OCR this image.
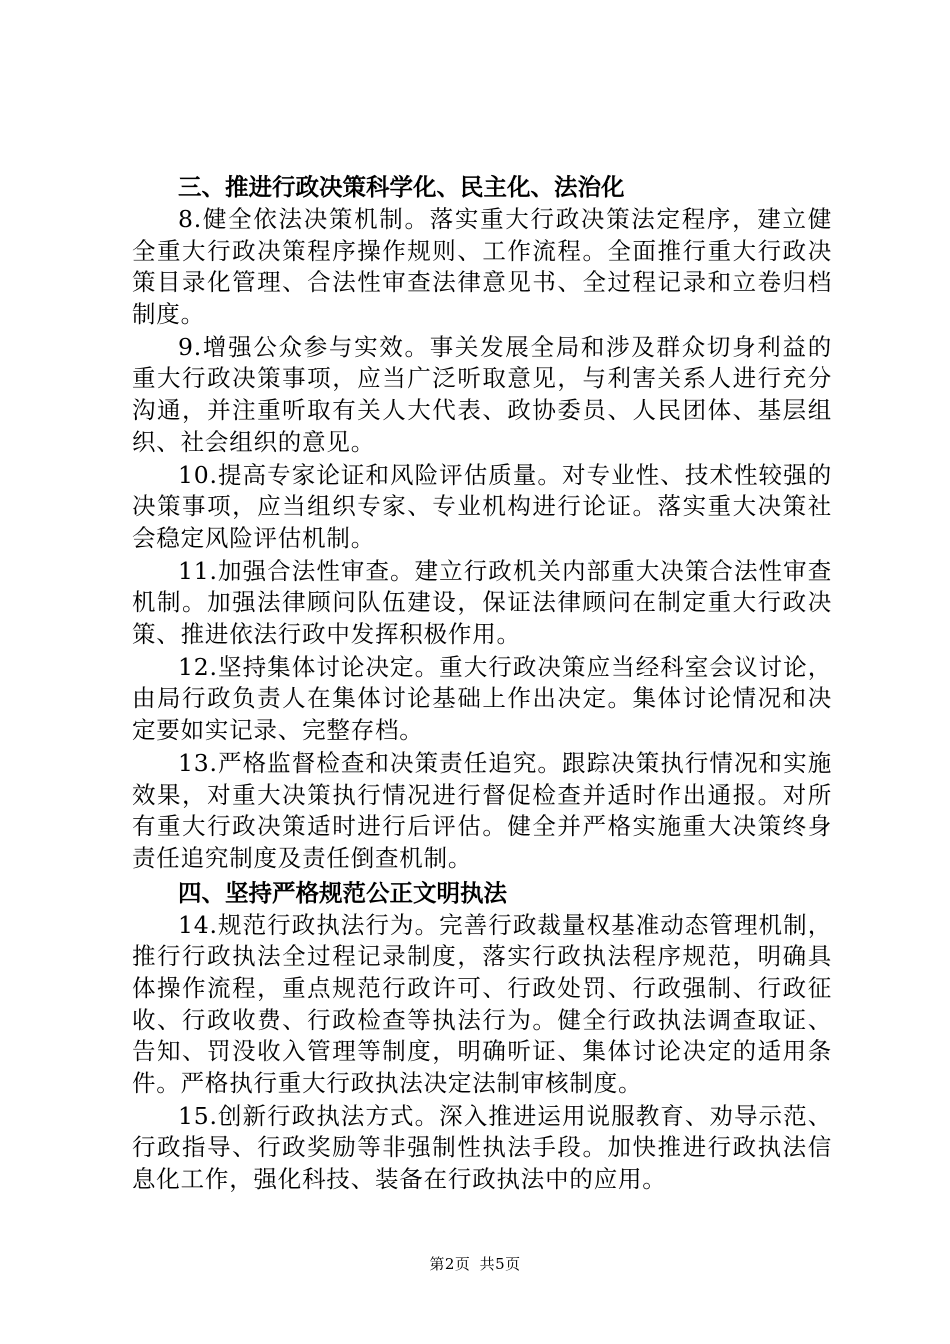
三、推进行政决策科学化、民主化、法治化

8.健全依法决策机制。落实重大行政决策法定程序，建立健全重大行政决策程序操作规则、工作流程。全面推行重大行政决策目录化管理、合法性审查法律意见书、全过程记录和立卷归档制度。

9.增强公众参与实效。事关发展全局和涉及群众切身利益的重大行政决策事项，应当广泛听取意见，与利害关系人进行充分沟通，并注重听取有关人大代表、政协委员、人民团体、基层组织、社会组织的意见。

10.提高专家论证和风险评估质量。对专业性、技术性较强的决策事项，应当组织专家、专业机构进行论证。落实重大决策社会稳定风险评估机制。

11.加强合法性审查。建立行政机关内部重大决策合法性审查机制。加强法律顾问队伍建设，保证法律顾问在制定重大行政决策、推进依法行政中发挥积极作用。

12.坚持集体讨论决定。重大行政决策应当经科室会议讨论，由局行政负责人在集体讨论基础上作出决定。集体讨论情况和决定要如实记录、完整存档。

13.严格监督检查和决策责任追究。跟踪决策执行情况和实施效果，对重大决策执行情况进行督促检查并适时作出通报。对所有重大行政决策适时进行后评估。健全并严格实施重大决策终身责任追究制度及责任倒查机制。

四、坚持严格规范公正文明执法

14.规范行政执法行为。完善行政裁量权基准动态管理机制，推行行政执法全过程记录制度，落实行政执法程序规范，明确具体操作流程，重点规范行政许可、行政处罚、行政强制、行政征收、行政收费、行政检查等执法行为。健全行政执法调查取证、告知、罚没收入管理等制度，明确听证、集体讨论决定的适用条件。严格执行重大行政执法决定法制审核制度。

15.创新行政执法方式。深入推进运用说服教育、劝导示范、行政指导、行政奖励等非强制性执法手段。加快推进行政执法信息化工作，强化科技、装备在行政执法中的应用。

第2页 共5页
